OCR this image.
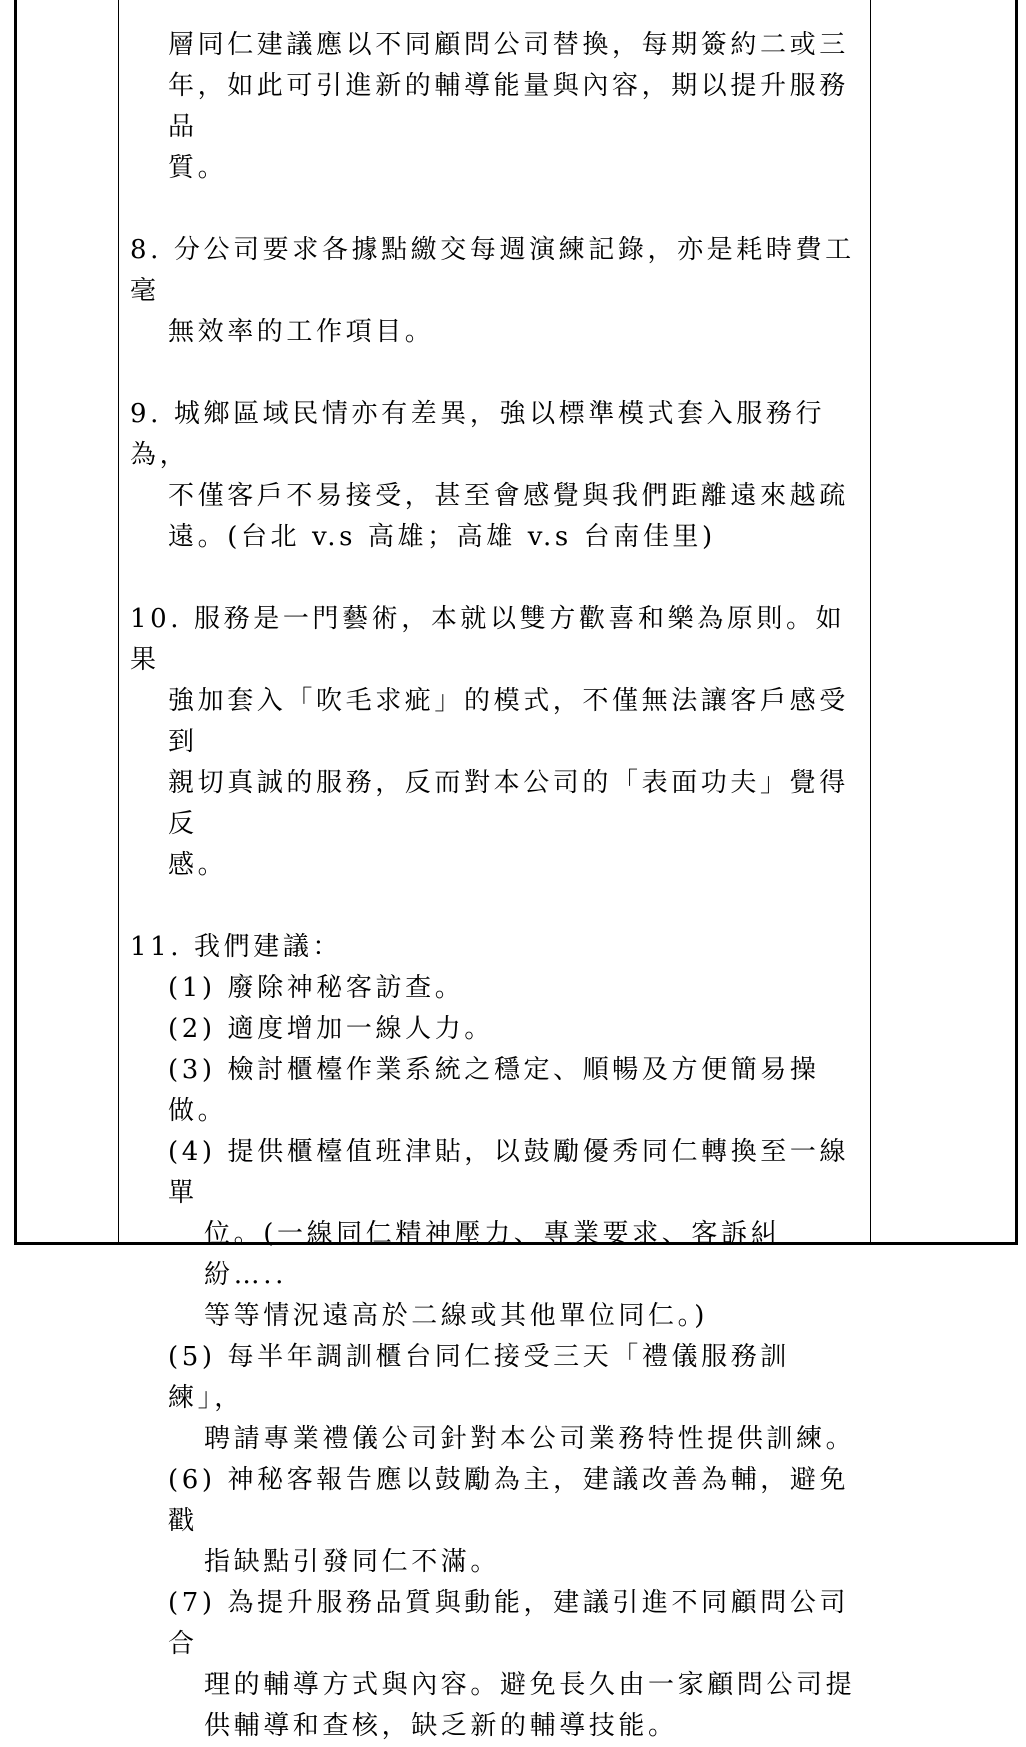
層同仁建議應以不同顧問公司替換，每期簽約二或三
年，如此可引進新的輔導能量與內容，期以提升服務品
質。
8. 分公司要求各據點繳交每週演練記錄，亦是耗時費工毫
無效率的工作項目。
9. 城鄉區域民情亦有差異，強以標準模式套入服務行為，
不僅客戶不易接受，甚至會感覺與我們距離遠來越疏
遠。(台北 v.s 高雄；高雄 v.s 台南佳里)
10. 服務是一門藝術，本就以雙方歡喜和樂為原則。如果
強加套入「吹毛求疵」的模式，不僅無法讓客戶感受到
親切真誠的服務，反而對本公司的「表面功夫」覺得反
感。
11. 我們建議：
(1) 廢除神秘客訪查。
(2) 適度增加一線人力。
(3) 檢討櫃檯作業系統之穩定、順暢及方便簡易操做。
(4) 提供櫃檯值班津貼，以鼓勵優秀同仁轉換至一線單
位。(一線同仁精神壓力、專業要求、客訴糾紛…..
等等情況遠高於二線或其他單位同仁。)
(5) 每半年調訓櫃台同仁接受三天「禮儀服務訓練」，
聘請專業禮儀公司針對本公司業務特性提供訓練。
(6) 神秘客報告應以鼓勵為主，建議改善為輔，避免戳
指缺點引發同仁不滿。
(7) 為提升服務品質與動能，建議引進不同顧問公司合
理的輔導方式與內容。避免長久由一家顧問公司提
供輔導和查核，缺乏新的輔導技能。
